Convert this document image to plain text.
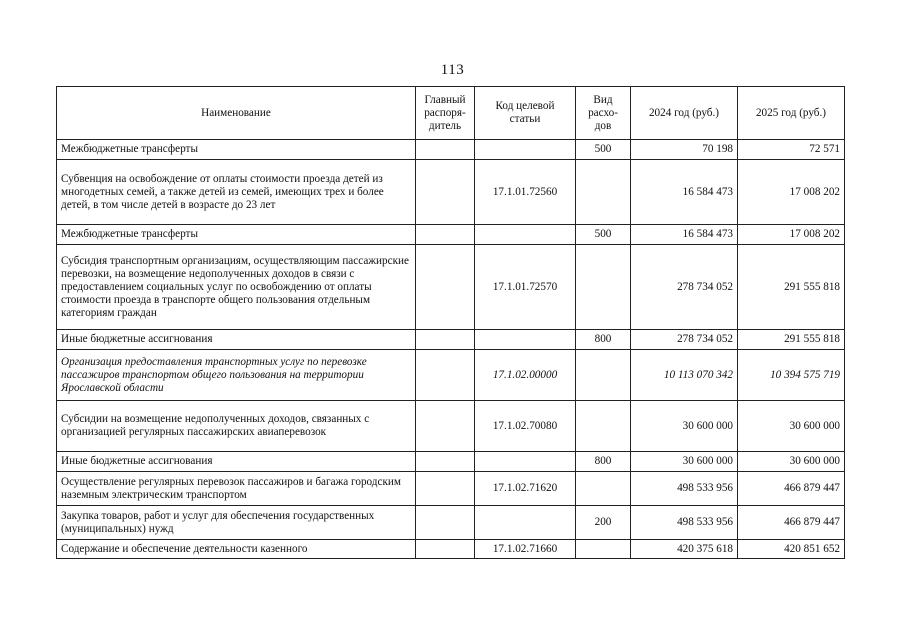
113
Наименование	Главный распоря-дитель	Код целевой статьи	Вид расхо-дов	2024 год (руб.)	2025 год (руб.)
Межбюджетные трансферты			500	70 198	72 571
Субвенция на освобождение от оплаты стоимости проезда детей из многодетных семей, а также детей из семей, имеющих трех и более детей, в том числе детей в возрасте до 23 лет		17.1.01.72560		16 584 473	17 008 202
Межбюджетные трансферты			500	16 584 473	17 008 202
Субсидия транспортным организациям, осуществляющим пассажирские перевозки, на возмещение недополученных доходов в связи с предоставлением социальных услуг по освобождению от оплаты стоимости проезда в транспорте общего пользования отдельным категориям граждан		17.1.01.72570		278 734 052	291 555 818
Иные бюджетные ассигнования			800	278 734 052	291 555 818
Организация предоставления транспортных услуг по перевозке пассажиров транспортом общего пользования на территории Ярославской области		17.1.02.00000		10 113 070 342	10 394 575 719
Субсидии на возмещение недополученных доходов, связанных с организацией регулярных пассажирских авиаперевозок		17.1.02.70080		30 600 000	30 600 000
Иные бюджетные ассигнования			800	30 600 000	30 600 000
Осуществление регулярных перевозок пассажиров и багажа городским наземным электрическим транспортом		17.1.02.71620		498 533 956	466 879 447
Закупка товаров, работ и услуг для обеспечения государственных (муниципальных) нужд			200	498 533 956	466 879 447
Содержание и обеспечение деятельности казенного		17.1.02.71660		420 375 618	420 851 652
